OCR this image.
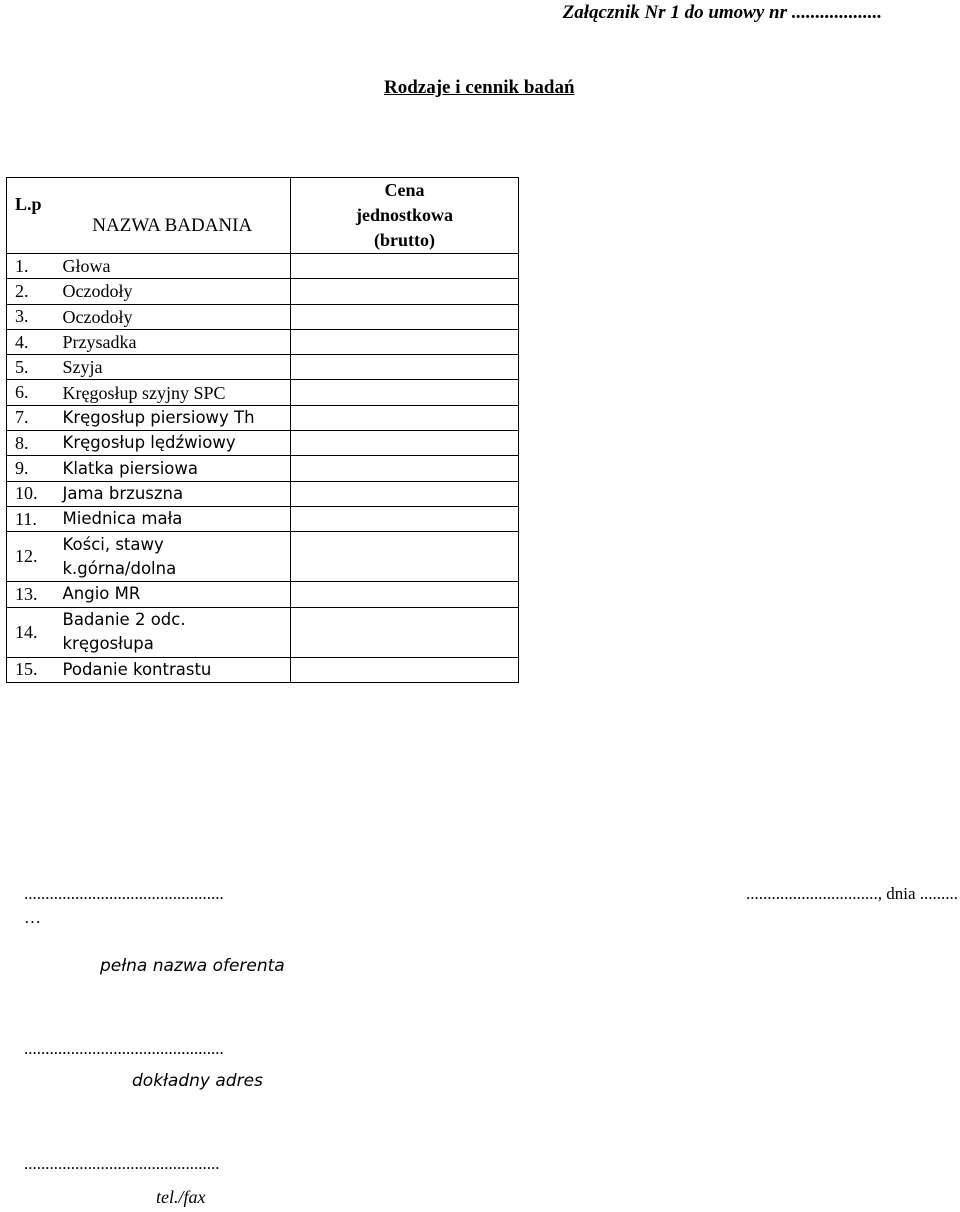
Załącznik Nr 1 do umowy nr ...................
Rodzaje i cennik badań
L.p	NAZWA BADANIA	Cena
jednostkowa
(brutto)

1.	Głowa	
2.	Oczodoły	
3.	Oczodoły	
4.	Przysadka	
5.	Szyja	
6.	Kręgosłup szyjny SPC	
7.	Kręgosłup piersiowy Th	
8.	Kręgosłup lędźwiowy	
9.	Klatka piersiowa	
10.	Jama brzuszna	
11.	Miednica mała	
12.	Kości, stawy
k.górna/dolna	

13.	Angio MR	
14.	Badanie 2 odc.
kręgosłupa	

15.	Podanie kontrastu	
...............................................
…
pełna nazwa oferenta
..............................., dnia .........
...............................................
dokładny adres
..............................................
tel./fax
